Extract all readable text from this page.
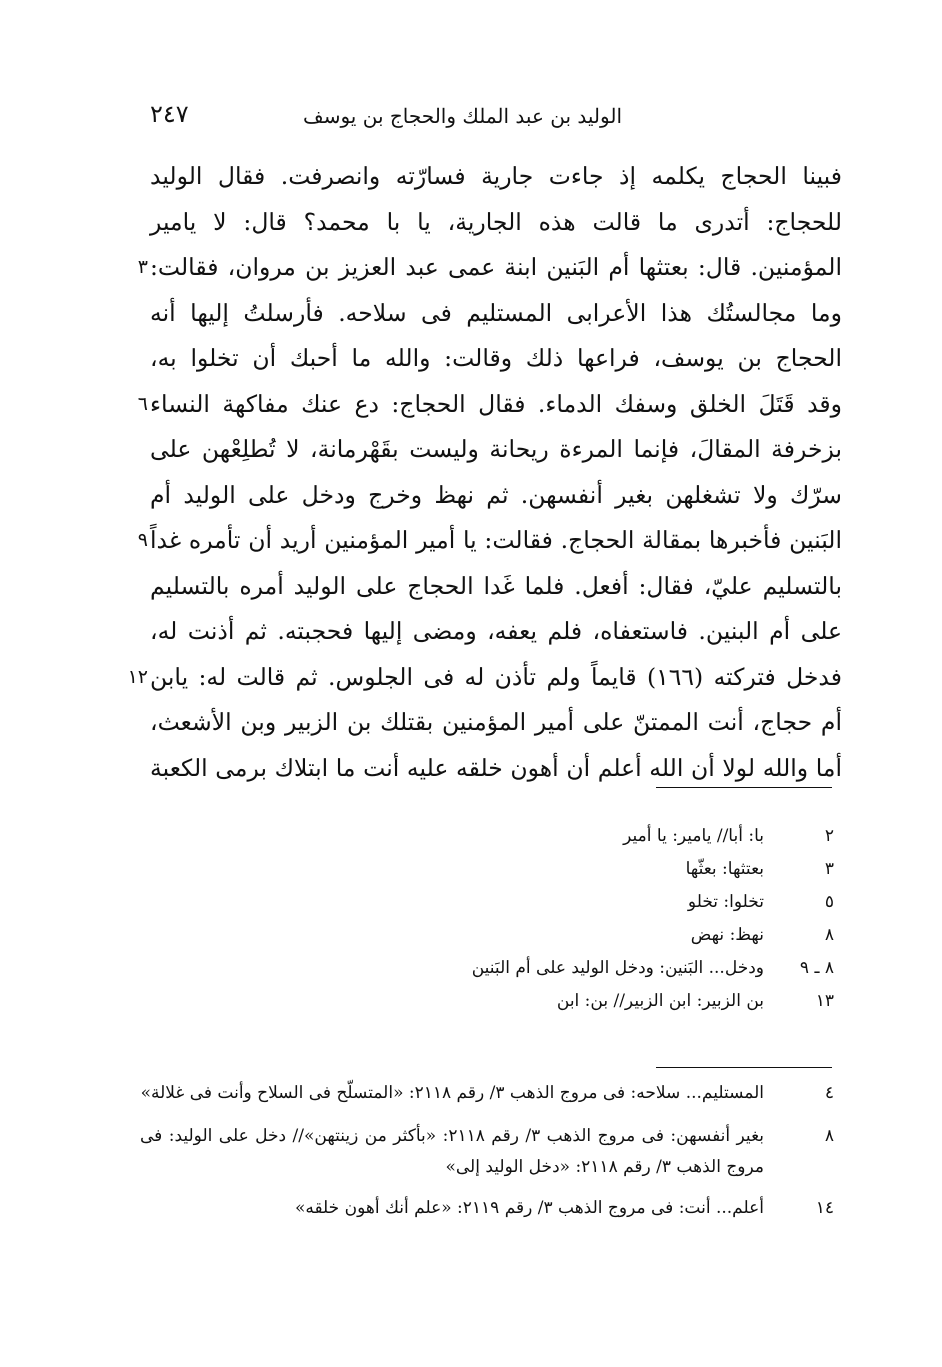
٢٤٧	الوليد بن عبد الملك والحجاج بن يوسف
فبينا الحجاج يكلمه إذ جاءت جارية فسارّته وانصرفت. فقال الوليد
للحجاج: أتدرى ما قالت هذه الجارية، يا با محمد؟ قال: لا يامير
المؤمنين. قال: بعتثها أم البَنين ابنة عمى عبد العزيز بن مروان، فقالت:
٣
وما مجالستُك هذا الأعرابى المستليم فى سلاحه. فأرسلتُ إليها أنه
الحجاج بن يوسف، فراعها ذلك وقالت: والله ما أحبك أن تخلوا به،
وقد قَتَلَ الخلق وسفك الدماء. فقال الحجاج: دع عنك مفاكهة النساء
٦
بزخرفة المقالَ، فإنما المرءة ريحانة وليست بقَهْرمانة، لا تُطلِعْهن على
سرّك ولا تشغلهن بغير أنفسهن. ثم نهظ وخرج ودخل على الوليد أم
البَنين فأخبرها بمقالة الحجاج. فقالت: يا أمير المؤمنين أريد أن تأمره غداً
٩
بالتسليم عليّ، فقال: أفعل. فلما غَدا الحجاج على الوليد أمره بالتسليم
على أم البنين. فاستعفاه، فلم يعفه، ومضى إليها فحجبته. ثم أذنت له،
فدخل فتركته (١٦٦) قايماً ولم تأذن له فى الجلوس. ثم قالت له: يابن
١٢
أم حجاج، أنت الممتنّ على أمير المؤمنين بقتلك بن الزبير وبن الأشعث،
أما والله لولا أن الله أعلم أن أهون خلقه عليه أنت ما ابتلاك برمى الكعبة
٢
با: أبا// يامير: يا أمير
٣
بعتثها: بعثّها
٥
تخلوا: تخلو
٨
نهظ: نهض
٨ ـ ٩
ودخل... البَنين: ودخل الوليد على أم البَنين
١٣
بن الزبير: ابن الزبير// بن: ابن
٤
المستليم... سلاحه: فى مروج الذهب ٣/ رقم ٢١١٨: «المتسلّح فى السلاح وأنت فى غلالة»
٨
بغير أنفسهن: فى مروج الذهب ٣/ رقم ٢١١٨: «بأكثر من زينتهن»// دخل على الوليد: فى مروج الذهب ٣/ رقم ٢١١٨: «دخل الوليد إلى»
١٤
أعلم... أنت: فى مروج الذهب ٣/ رقم ٢١١٩: «علم أنك أهون خلقه»
